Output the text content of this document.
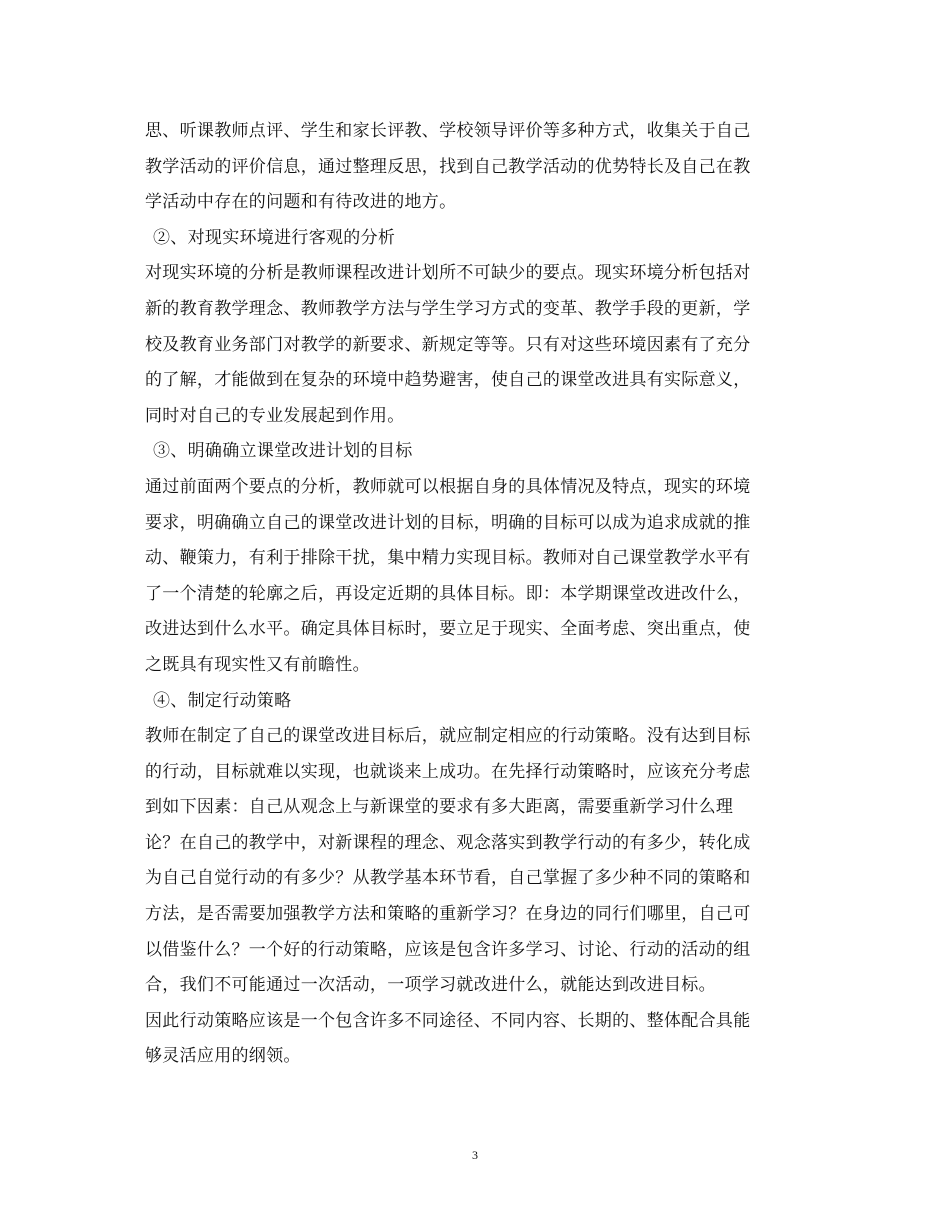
思、听课教师点评、学生和家长评教、学校领导评价等多种方式，收集关于自己
教学活动的评价信息，通过整理反思，找到自己教学活动的优势特长及自己在教
学活动中存在的问题和有待改进的地方。
②、对现实环境进行客观的分析
对现实环境的分析是教师课程改进计划所不可缺少的要点。现实环境分析包括对
新的教育教学理念、教师教学方法与学生学习方式的变革、教学手段的更新，学
校及教育业务部门对教学的新要求、新规定等等。只有对这些环境因素有了充分
的了解，才能做到在复杂的环境中趋势避害，使自己的课堂改进具有实际意义，
同时对自己的专业发展起到作用。
③、明确确立课堂改进计划的目标
通过前面两个要点的分析，教师就可以根据自身的具体情况及特点，现实的环境
要求，明确确立自己的课堂改进计划的目标，明确的目标可以成为追求成就的推
动、鞭策力，有利于排除干扰，集中精力实现目标。教师对自己课堂教学水平有
了一个清楚的轮廓之后，再设定近期的具体目标。即：本学期课堂改进改什么，
改进达到什么水平。确定具体目标时，要立足于现实、全面考虑、突出重点，使
之既具有现实性又有前瞻性。
④、制定行动策略
教师在制定了自己的课堂改进目标后，就应制定相应的行动策略。没有达到目标
的行动，目标就难以实现，也就谈来上成功。在先择行动策略时，应该充分考虑
到如下因素：自己从观念上与新课堂的要求有多大距离，需要重新学习什么理
论？在自己的教学中，对新课程的理念、观念落实到教学行动的有多少，转化成
为自己自觉行动的有多少？从教学基本环节看，自己掌握了多少种不同的策略和
方法，是否需要加强教学方法和策略的重新学习？在身边的同行们哪里，自己可
以借鉴什么？一个好的行动策略，应该是包含许多学习、讨论、行动的活动的组
合，我们不可能通过一次活动，一项学习就改进什么，就能达到改进目标。
因此行动策略应该是一个包含许多不同途径、不同内容、长期的、整体配合具能
够灵活应用的纲领。
3
